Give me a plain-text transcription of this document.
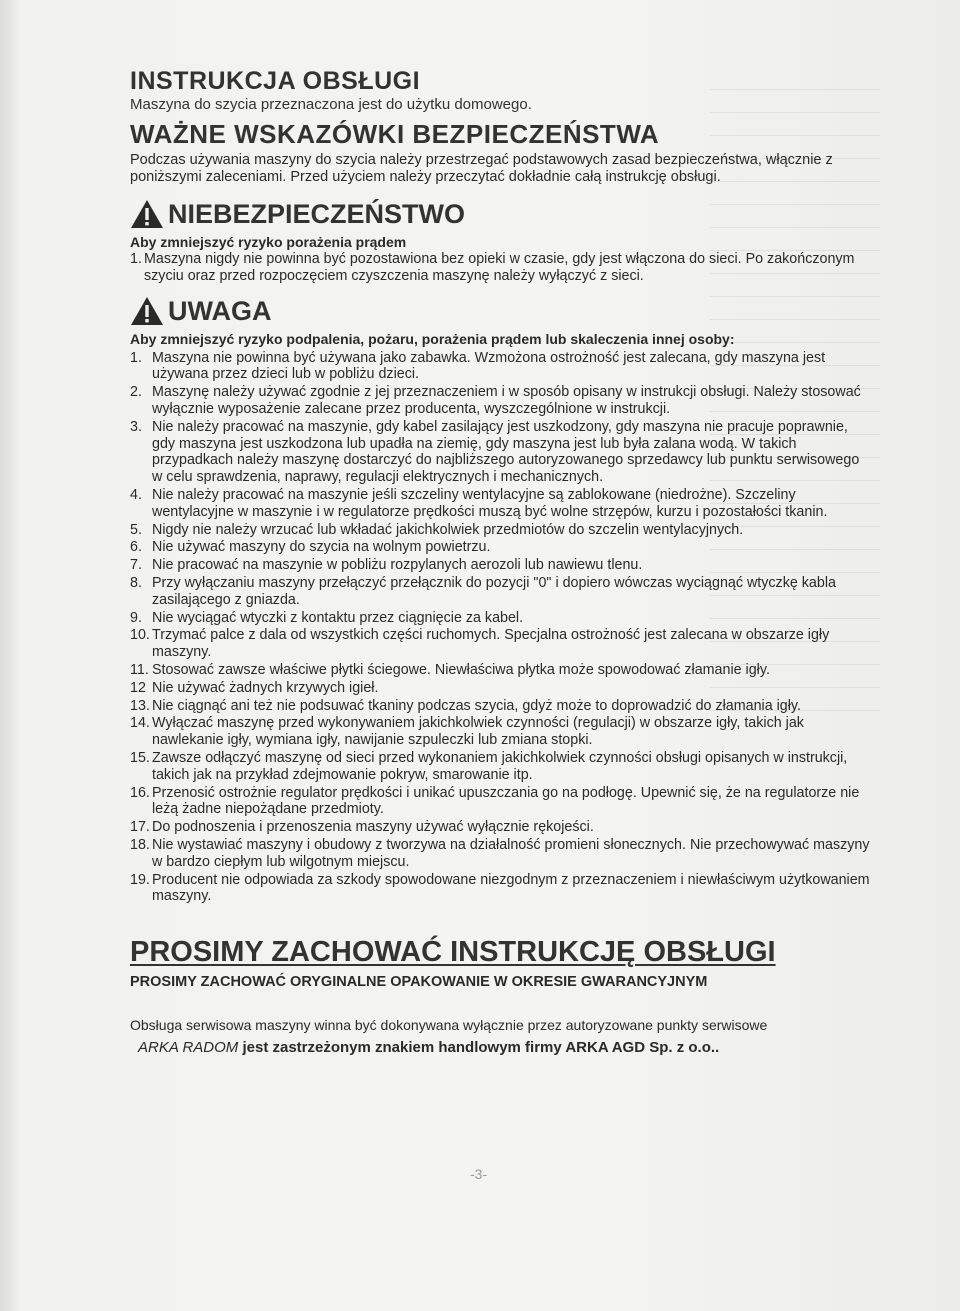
INSTRUKCJA OBSŁUGI
Maszyna do szycia przeznaczona jest do użytku domowego.
WAŻNE WSKAZÓWKI BEZPIECZEŃSTWA
Podczas używania maszyny do szycia należy przestrzegać podstawowych zasad bezpieczeństwa, włącznie z poniższymi zaleceniami. Przed użyciem należy przeczytać dokładnie całą instrukcję obsługi.
NIEBEZPIECZEŃSTWO
Aby zmniejszyć ryzyko porażenia prądem
1. Maszyna nigdy nie powinna być pozostawiona bez opieki w czasie, gdy jest włączona do sieci. Po zakończonym szyciu oraz przed rozpoczęciem czyszczenia maszynę należy wyłączyć z sieci.
UWAGA
Aby zmniejszyć ryzyko podpalenia, pożaru, porażenia prądem lub skaleczenia innej osoby:
1. Maszyna nie powinna być używana jako zabawka. Wzmożona ostrożność jest zalecana, gdy maszyna jest używana przez dzieci lub w pobliżu dzieci.
2. Maszynę należy używać zgodnie z jej przeznaczeniem i w sposób opisany w instrukcji obsługi. Należy stosować wyłącznie wyposażenie zalecane przez producenta, wyszczególnione w instrukcji.
3. Nie należy pracować na maszynie, gdy kabel zasilający jest uszkodzony, gdy maszyna nie pracuje poprawnie, gdy maszyna jest uszkodzona lub upadła na ziemię, gdy maszyna jest lub była zalana wodą. W takich przypadkach należy maszynę dostarczyć do najbliższego autoryzowanego sprzedawcy lub punktu serwisowego w celu sprawdzenia, naprawy, regulacji elektrycznych i mechanicznych.
4. Nie należy pracować na maszynie jeśli szczeliny wentylacyjne są zablokowane (niedrożne). Szczeliny wentylacyjne w maszynie i w regulatorze prędkości muszą być wolne strzępów, kurzu i pozostałości tkanin.
5. Nigdy nie należy wrzucać lub wkładać jakichkolwiek przedmiotów do szczelin wentylacyjnych.
6. Nie używać maszyny do szycia na wolnym powietrzu.
7. Nie pracować na maszynie w pobliżu rozpylanych aerozoli lub nawiewu tlenu.
8. Przy wyłączaniu maszyny przełączyć przełącznik do pozycji "0" i dopiero wówczas wyciągnąć wtyczkę kabla zasilającego z gniazda.
9. Nie wyciągać wtyczki z kontaktu przez ciągnięcie za kabel.
10. Trzymać palce z dala od wszystkich części ruchomych. Specjalna ostrożność jest zalecana w obszarze igły maszyny.
11. Stosować zawsze właściwe płytki ściegowe. Niewłaściwa płytka może spowodować złamanie igły.
12 Nie używać żadnych krzywych igieł.
13. Nie ciągnąć ani też nie podsuwać tkaniny podczas szycia, gdyż może to doprowadzić do złamania igły.
14. Wyłączać maszynę przed wykonywaniem jakichkolwiek czynności (regulacji) w obszarze igły, takich jak nawlekanie igły, wymiana igły, nawijanie szpuleczki lub zmiana stopki.
15. Zawsze odłączyć maszynę od sieci przed wykonaniem jakichkolwiek czynności obsługi opisanych w instrukcji, takich jak na przykład zdejmowanie pokryw, smarowanie itp.
16. Przenosić ostrożnie regulator prędkości i unikać upuszczania go na podłogę. Upewnić się, że na regulatorze nie leżą żadne niepożądane przedmioty.
17. Do podnoszenia i przenoszenia maszyny używać wyłącznie rękojeści.
18. Nie wystawiać maszyny i obudowy z tworzywa na działalność promieni słonecznych. Nie przechowywać maszyny w bardzo ciepłym lub wilgotnym miejscu.
19. Producent nie odpowiada za szkody spowodowane niezgodnym z przeznaczeniem i niewłaściwym użytkowaniem maszyny.
PROSIMY ZACHOWAĆ INSTRUKCJĘ OBSŁUGI
PROSIMY ZACHOWAĆ ORYGINALNE OPAKOWANIE W OKRESIE GWARANCYJNYM
Obsługa serwisowa maszyny winna być dokonywana wyłącznie przez autoryzowane punkty serwisowe
ARKA RADOM jest zastrzeżonym znakiem handlowym firmy ARKA AGD Sp. z o.o..
-3-
